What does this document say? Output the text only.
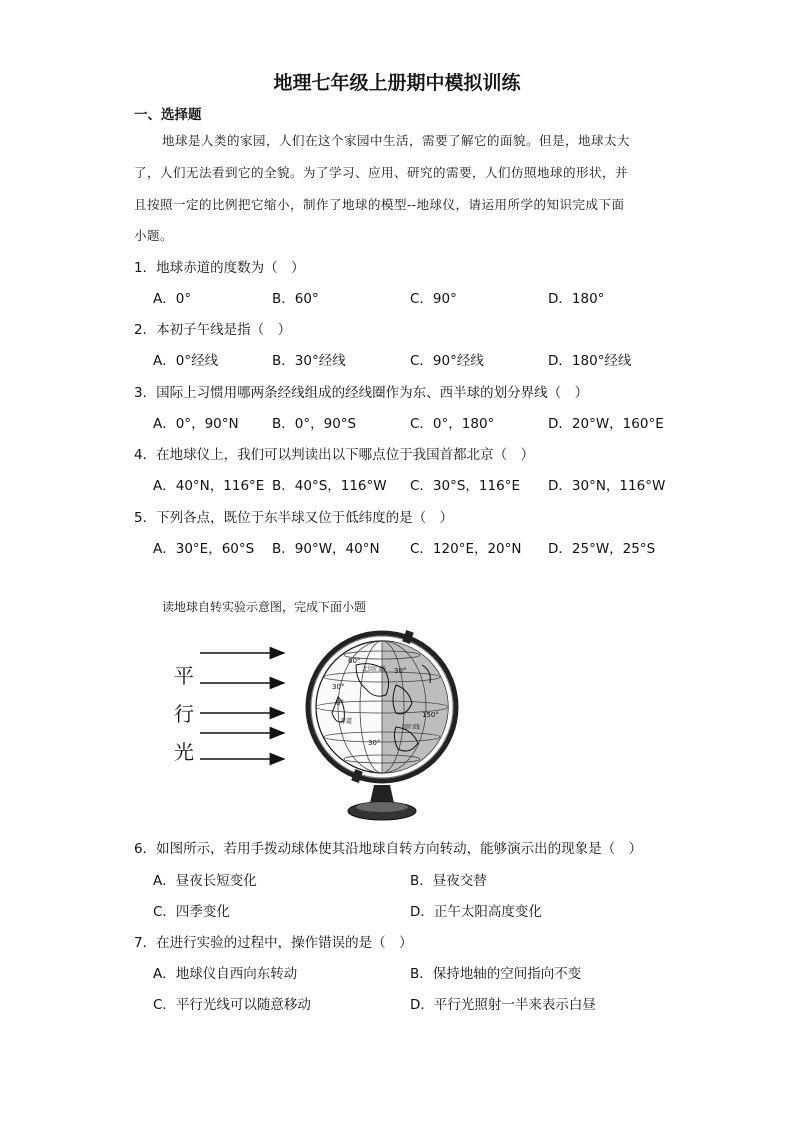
地理七年级上册期中模拟训练
一、选择题
地球是人类的家园，人们在这个家园中生活，需要了解它的面貌。但是，地球太大
了，人们无法看到它的全貌。为了学习、应用、研究的需要，人们仿照地球的形状，并
且按照一定的比例把它缩小，制作了地球的模型--地球仪，请运用所学的知识完成下面
小题。
1．地球赤道的度数为（　）
A．0°	B．60°	C．90°	D．180°
2．本初子午线是指（　）
A．0°经线	B．30°经线	C．90°经线	D．180°经线
3．国际上习惯用哪两条经线组成的经线圈作为东、西半球的划分界线（　）
A．0°，90°N B．0°，90°S	C．0°，180°	D．20°W，160°E
4．在地球仪上，我们可以判读出以下哪点位于我国首都北京（　）
A．40°N，116°E B．40°S，116°W C．30°S，116°E D．30°N，116°W
5．下列各点，既位于东半球又位于低纬度的是（　）
A．30°E，60°S B．90°W，40°N C．120°E，20°N D．25°W，25°S
读地球自转实验示意图，完成下面小题
平
行
光
60°
30°
30°
0°
150°
30°
北回归线
赤道
回归线
6．如图所示，若用手拨动球体使其沿地球自转方向转动，能够演示出的现象是（　）
A．昼夜长短变化	B．昼夜交替
C．四季变化	D．正午太阳高度变化
7．在进行实验的过程中，操作错误的是（　）
A．地球仪自西向东转动	B．保持地轴的空间指向不变
C．平行光线可以随意移动	D．平行光照射一半来表示白昼
